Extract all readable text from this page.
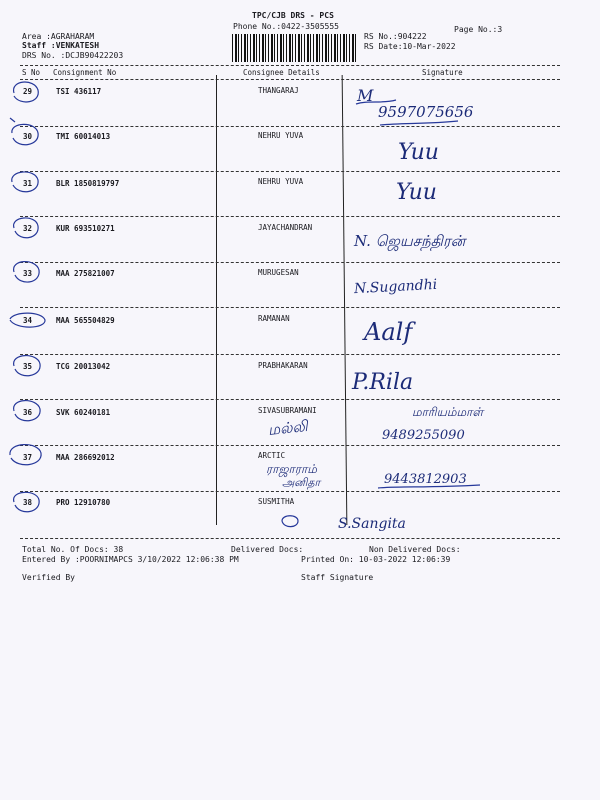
TPC/CJB DRS - PCS
Phone No.:0422-3505555
Area :AGRAHARAM
Staff :VENKATESH
DRS No. :DCJB90422203
RS No.:904222
RS Date:10-Mar-2022
Page No.:3
S No Consignment No	Consignee Details	Signature
29	TSI 436117	THANGARAJ	M
9597075656
30	TMI 60014013	NEHRU YUVA
Yuu
31	BLR 1850819797	NEHRU YUVA	Yuu
32	KUR 693510271	JAYACHANDRAN
N. ஜெயசந்திரன்
33	MAA 275821007	MURUGESAN
N.Sugandhi
34	MAA 565504829	RAMANAN	Aalf
35	TCG 20013042	PRABHAKARAN
P.Rila
36	SVK 60240181	SIVASUBRAMANI
மல்லி
மாரியம்மாள்
9489255090
37	MAA 286692012	ARCTIC
ராஜாராம்
அனிதா	9443812903
38	PRO 12910780	SUSMITHA
S.Sangita
Total No. Of Docs: 38	Delivered Docs:	Non Delivered Docs:
Entered By :POORNIMAPCS 3/10/2022 12:06:38 PM	Printed On: 10-03-2022 12:06:39
Verified By	Staff Signature
